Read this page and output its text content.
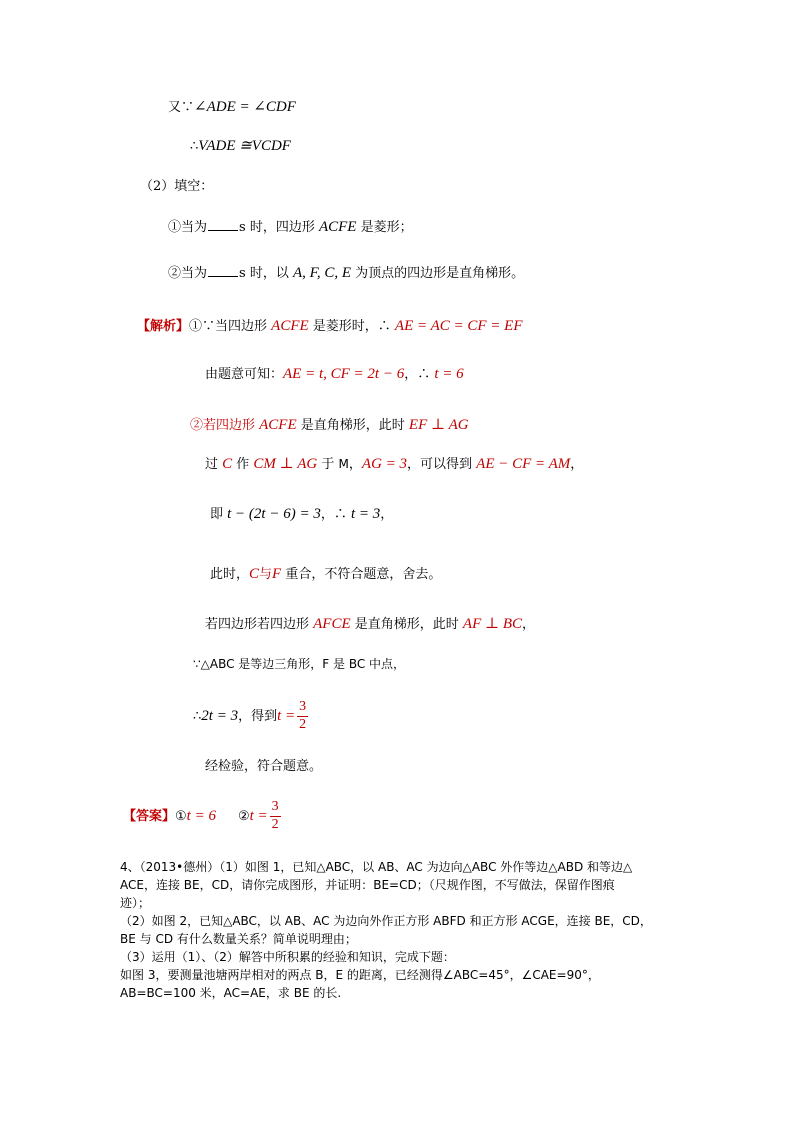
又∵∠ADE = ∠CDF
∴VADE ≅VCDF
（2）填空：
①当为 s 时，四边形 ACFE 是菱形；
②当为 s 时，以 A, F, C, E 为顶点的四边形是直角梯形。
【解析】①∵当四边形 ACFE 是菱形时，∴ AE = AC = CF = EF
由题意可知：AE = t, CF = 2t − 6，∴ t = 6
②若四边形 ACFE 是直角梯形，此时 EF ⊥ AG
过 C 作 CM ⊥ AG 于 M，AG = 3，可以得到 AE − CF = AM，
即 t − (2t − 6) = 3，∴ t = 3，
此时，C与F 重合，不符合题意，舍去。
若四边形若四边形 AFCE 是直角梯形，此时 AF ⊥ BC，
∵△ABC 是等边三角形，F 是 BC 中点，
∴ 2t = 3 ，得到 $t = \frac{3}{2}$
经检验，符合题意。
【答案】 ① t = 6 ② $t = \frac{3}{2}$
4、（2013•德州）（1）如图 1，已知△ABC，以 AB、AC 为边向△ABC 外作等边△ABD 和等边△
ACE，连接 BE，CD，请你完成图形，并证明：BE=CD；（尺规作图，不写做法，保留作图痕
迹）；
（2）如图 2，已知△ABC，以 AB、AC 为边向外作正方形 ABFD 和正方形 ACGE，连接 BE，CD，
BE 与 CD 有什么数量关系？简单说明理由；
（3）运用（1）、（2）解答中所积累的经验和知识，完成下题：
如图 3，要测量池塘两岸相对的两点 B，E 的距离，已经测得∠ABC=45°，∠CAE=90°，
AB=BC=100 米，AC=AE，求 BE 的长.
